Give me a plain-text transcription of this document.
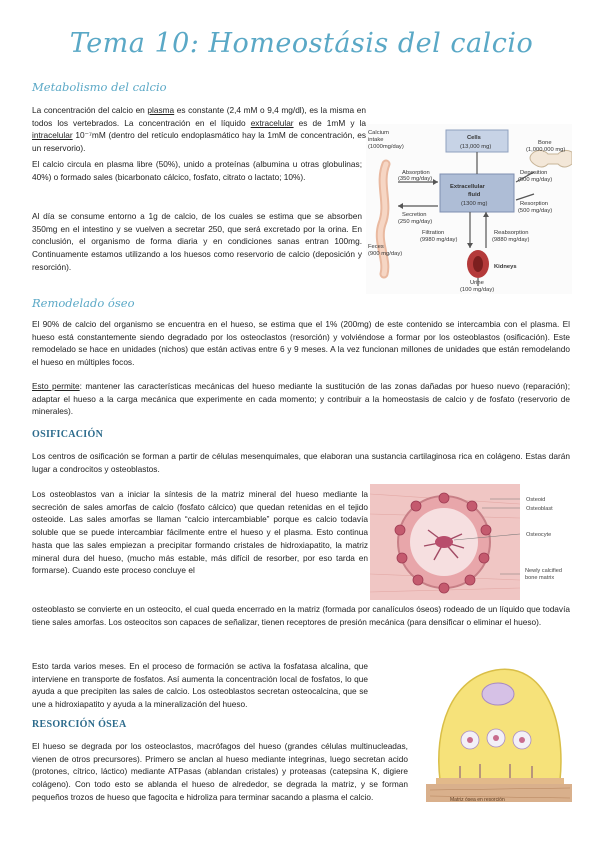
Tema 10: Homeostásis del calcio
Metabolismo del calcio
La concentración del calcio en plasma es constante (2,4 mM o 9,4 mg/dl), es la misma en todos los vertebrados. La concentración en el líquido extracelular es de 1mM y la intracelular 10⁻⁷mM (dentro del retículo endoplasmático hay la 1mM de concentración, es un reservorio).
El calcio circula en plasma libre (50%), unido a proteínas (albumina u otras globulinas; 40%) o formado sales (bicarbonato cálcico, fosfato, citrato o lactato; 10%).
Al día se consume entorno a 1g de calcio, de los cuales se estima que se absorben 350mg en el intestino y se vuelven a secretar 250, que será excretado por la orina. En conclusión, el organismo de forma diaria y en condiciones sanas entran 100mg. Continuamente estamos utilizando a los huesos como reservorio de calcio (deposición y resorción).
Calcium
intake
(1000mg/day)
Cells
(13,000 mg)
Bone
(1,000,000 mg)
Absorption
(350 mg/day)
Deposition
(500 mg/day)
Extracellular
fluid
(1300 mg)
Secretion
(250 mg/day)
Resorption
(500 mg/day)
Filtration
(9980 mg/day)
Reabsorption
(9880 mg/day)
Feces
(900 mg/day)
Kidneys
Urine
(100 mg/day)
Remodelado óseo
El 90% de calcio del organismo se encuentra en el hueso, se estima que el 1% (200mg) de este contenido se intercambia con el plasma. El hueso está constantemente siendo degradado por los osteoclastos (resorción) y volviéndose a formar por los osteoblastos (osificación). Este remodelado se hace en unidades (nichos) que están activas entre 6 y 9 meses. A la vez funcionan millones de unidades que están remodelando el hueso en múltiples focos.
Esto permite: mantener las características mecánicas del hueso mediante la sustitución de las zonas dañadas por hueso nuevo (reparación); adaptar el hueso a la carga mecánica que experimente en cada momento; y contribuir a la homeostasis de calcio y de fosfato (reservorio de minerales).
OSIFICACIÓN
Los centros de osificación se forman a partir de células mesenquimales, que elaboran una sustancia cartilaginosa rica en colágeno. Estas darán lugar a condrocitos y osteoblastos.
Los osteoblastos van a iniciar la síntesis de la matriz mineral del hueso mediante la secreción de sales amorfas de calcio (fosfato cálcico) que quedan retenidas en el tejido osteoide. Las sales amorfas se llaman “calcio intercambiable” porque es calcio todavía soluble que se puede intercambiar fácilmente entre el hueso y el plasma. Esto continua hasta que las sales empiezan a precipitar formando cristales de hidroxiapatito, la matriz mineral dura del hueso, (mucho más estable, más difícil de resorber, por eso tarda en formarse). Cuando este proceso concluye el
osteoblasto se convierte en un osteocito, el cual queda encerrado en la matriz (formada por canalículos óseos) rodeado de un líquido que todavía tiene sales amorfas. Los osteocitos son capaces de señalizar, tienen receptores de presión mecánica (para densificar o eliminar el hueso).
Osteoid
Osteoblast
Osteocyte
Newly calcified bone matrix
Esto tarda varios meses. En el proceso de formación se activa la fosfatasa alcalina, que interviene en transporte de fosfatos. Así aumenta la concentración local de fosfatos, lo que ayuda a que precipiten las sales de calcio. Los osteoblastos secretan osteocalcina, que se une a hidroxiapatito y ayuda a la mineralización del hueso.
RESORCIÓN ÓSEA
El hueso se degrada por los osteoclastos, macrófagos del hueso (grandes células multinucleadas, vienen de otros precursores). Primero se anclan al hueso mediante integrinas, luego secretan acido (protones, cítrico, láctico) mediante ATPasas (ablandan cristales) y proteasas (catepsina K, digiere colágeno). Con todo esto se ablanda el hueso de alrededor, se degrada la matriz, y se forman pequeños trozos de hueso que fagocita e hidroliza para terminar sacando a plasma el calcio.	Matriz ósea en resorción
